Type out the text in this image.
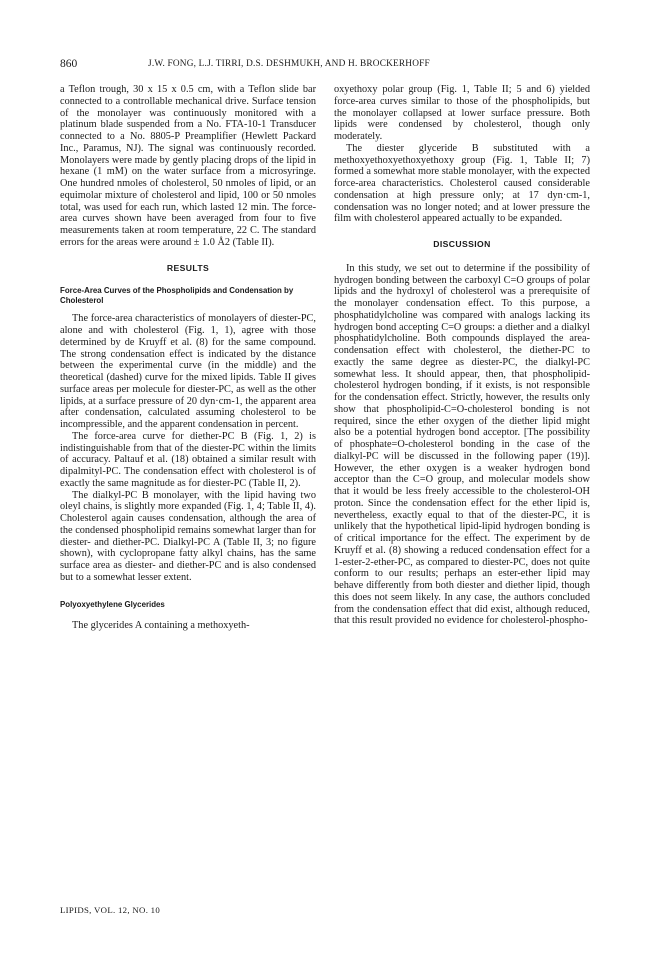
860	J.W. FONG, L.J. TIRRI, D.S. DESHMUKH, AND H. BROCKERHOFF

a Teflon trough, 30 x 15 x 0.5 cm, with a Teflon slide bar connected to a controllable mechanical drive. Surface tension of the monolayer was continuously monitored with a platinum blade suspended from a No. FTA-10-1 Transducer connected to a No. 8805-P Preamplifier (Hewlett Packard Inc., Paramus, NJ). The signal was continuously recorded. Monolayers were made by gently placing drops of the lipid in hexane (1 mM) on the water surface from a microsyringe. One hundred nmoles of cholesterol, 50 nmoles of lipid, or an equimolar mixture of cholesterol and lipid, 100 or 50 nmoles total, was used for each run, which lasted 12 min. The force-area curves shown have been averaged from four to five measurements taken at room temperature, 22 C. The standard errors for the areas were around ± 1.0 Å2 (Table II).

RESULTS
Force-Area Curves of the Phospholipids and Condensation by Cholesterol

The force-area characteristics of monolayers of diester-PC, alone and with cholesterol (Fig. 1, 1), agree with those determined by de Kruyff et al. (8) for the same compound. The strong condensation effect is indicated by the distance between the experimental curve (in the middle) and the theoretical (dashed) curve for the mixed lipids. Table II gives surface areas per molecule for diester-PC, as well as the other lipids, at a surface pressure of 20 dyn·cm-1, the apparent area after condensation, calculated assuming cholesterol to be incompressible, and the apparent condensation in percent.

The force-area curve for diether-PC B (Fig. 1, 2) is indistinguishable from that of the diester-PC within the limits of accuracy. Paltauf et al. (18) obtained a similar result with dipalmityl-PC. The condensation effect with cholesterol is of exactly the same magnitude as for diester-PC (Table II, 2).

The dialkyl-PC B monolayer, with the lipid having two oleyl chains, is slightly more expanded (Fig. 1, 4; Table II, 4). Cholesterol again causes condensation, although the area of the condensed phospholipid remains somewhat larger than for diester- and diether-PC. Dialkyl-PC A (Table II, 3; no figure shown), with cyclopropane fatty alkyl chains, has the same surface area as diester- and diether-PC and is also condensed but to a somewhat lesser extent.

Polyoxyethylene Glycerides

The glycerides A containing a methoxyeth-

oxyethoxy polar group (Fig. 1, Table II; 5 and 6) yielded force-area curves similar to those of the phospholipids, but the monolayer collapsed at lower surface pressure. Both lipids were condensed by cholesterol, though only moderately.

The diester glyceride B substituted with a methoxyethoxyethoxyethoxy group (Fig. 1, Table II; 7) formed a somewhat more stable monolayer, with the expected force-area characteristics. Cholesterol caused considerable condensation at high pressure only; at 17 dyn·cm-1, condensation was no longer noted; and at lower pressure the film with cholesterol appeared actually to be expanded.

DISCUSSION

In this study, we set out to determine if the possibility of hydrogen bonding between the carboxyl C=O groups of polar lipids and the hydroxyl of cholesterol was a prerequisite of the monolayer condensation effect. To this purpose, a phosphatidylcholine was compared with analogs lacking its hydrogen bond accepting C=O groups: a diether and a dialkyl phosphatidylcholine. Both compounds displayed the area-condensation effect with cholesterol, the diether-PC to exactly the same degree as diester-PC, the dialkyl-PC somewhat less. It should appear, then, that phospholipid-cholesterol hydrogen bonding, if it exists, is not responsible for the condensation effect. Strictly, however, the results only show that phospholipid-C=O-cholesterol bonding is not required, since the ether oxygen of the diether lipid might also be a potential hydrogen bond acceptor. [The possibility of phosphate=O-cholesterol bonding in the case of the dialkyl-PC will be discussed in the following paper (19)]. However, the ether oxygen is a weaker hydrogen bond acceptor than the C=O group, and molecular models show that it would be less freely accessible to the cholesterol-OH proton. Since the condensation effect for the ether lipid is, nevertheless, exactly equal to that of the diester-PC, it is unlikely that the hypothetical lipid-lipid hydrogen bonding is of critical importance for the effect. The experiment by de Kruyff et al. (8) showing a reduced condensation effect for a 1-ester-2-ether-PC, as compared to diester-PC, does not quite conform to our results; perhaps an ester-ether lipid may behave differently from both diester and diether lipid, though this does not seem likely. In any case, the authors concluded from the condensation effect that did exist, although reduced, that this result provided no evidence for cholesterol-phospho-

LIPIDS, VOL. 12, NO. 10
